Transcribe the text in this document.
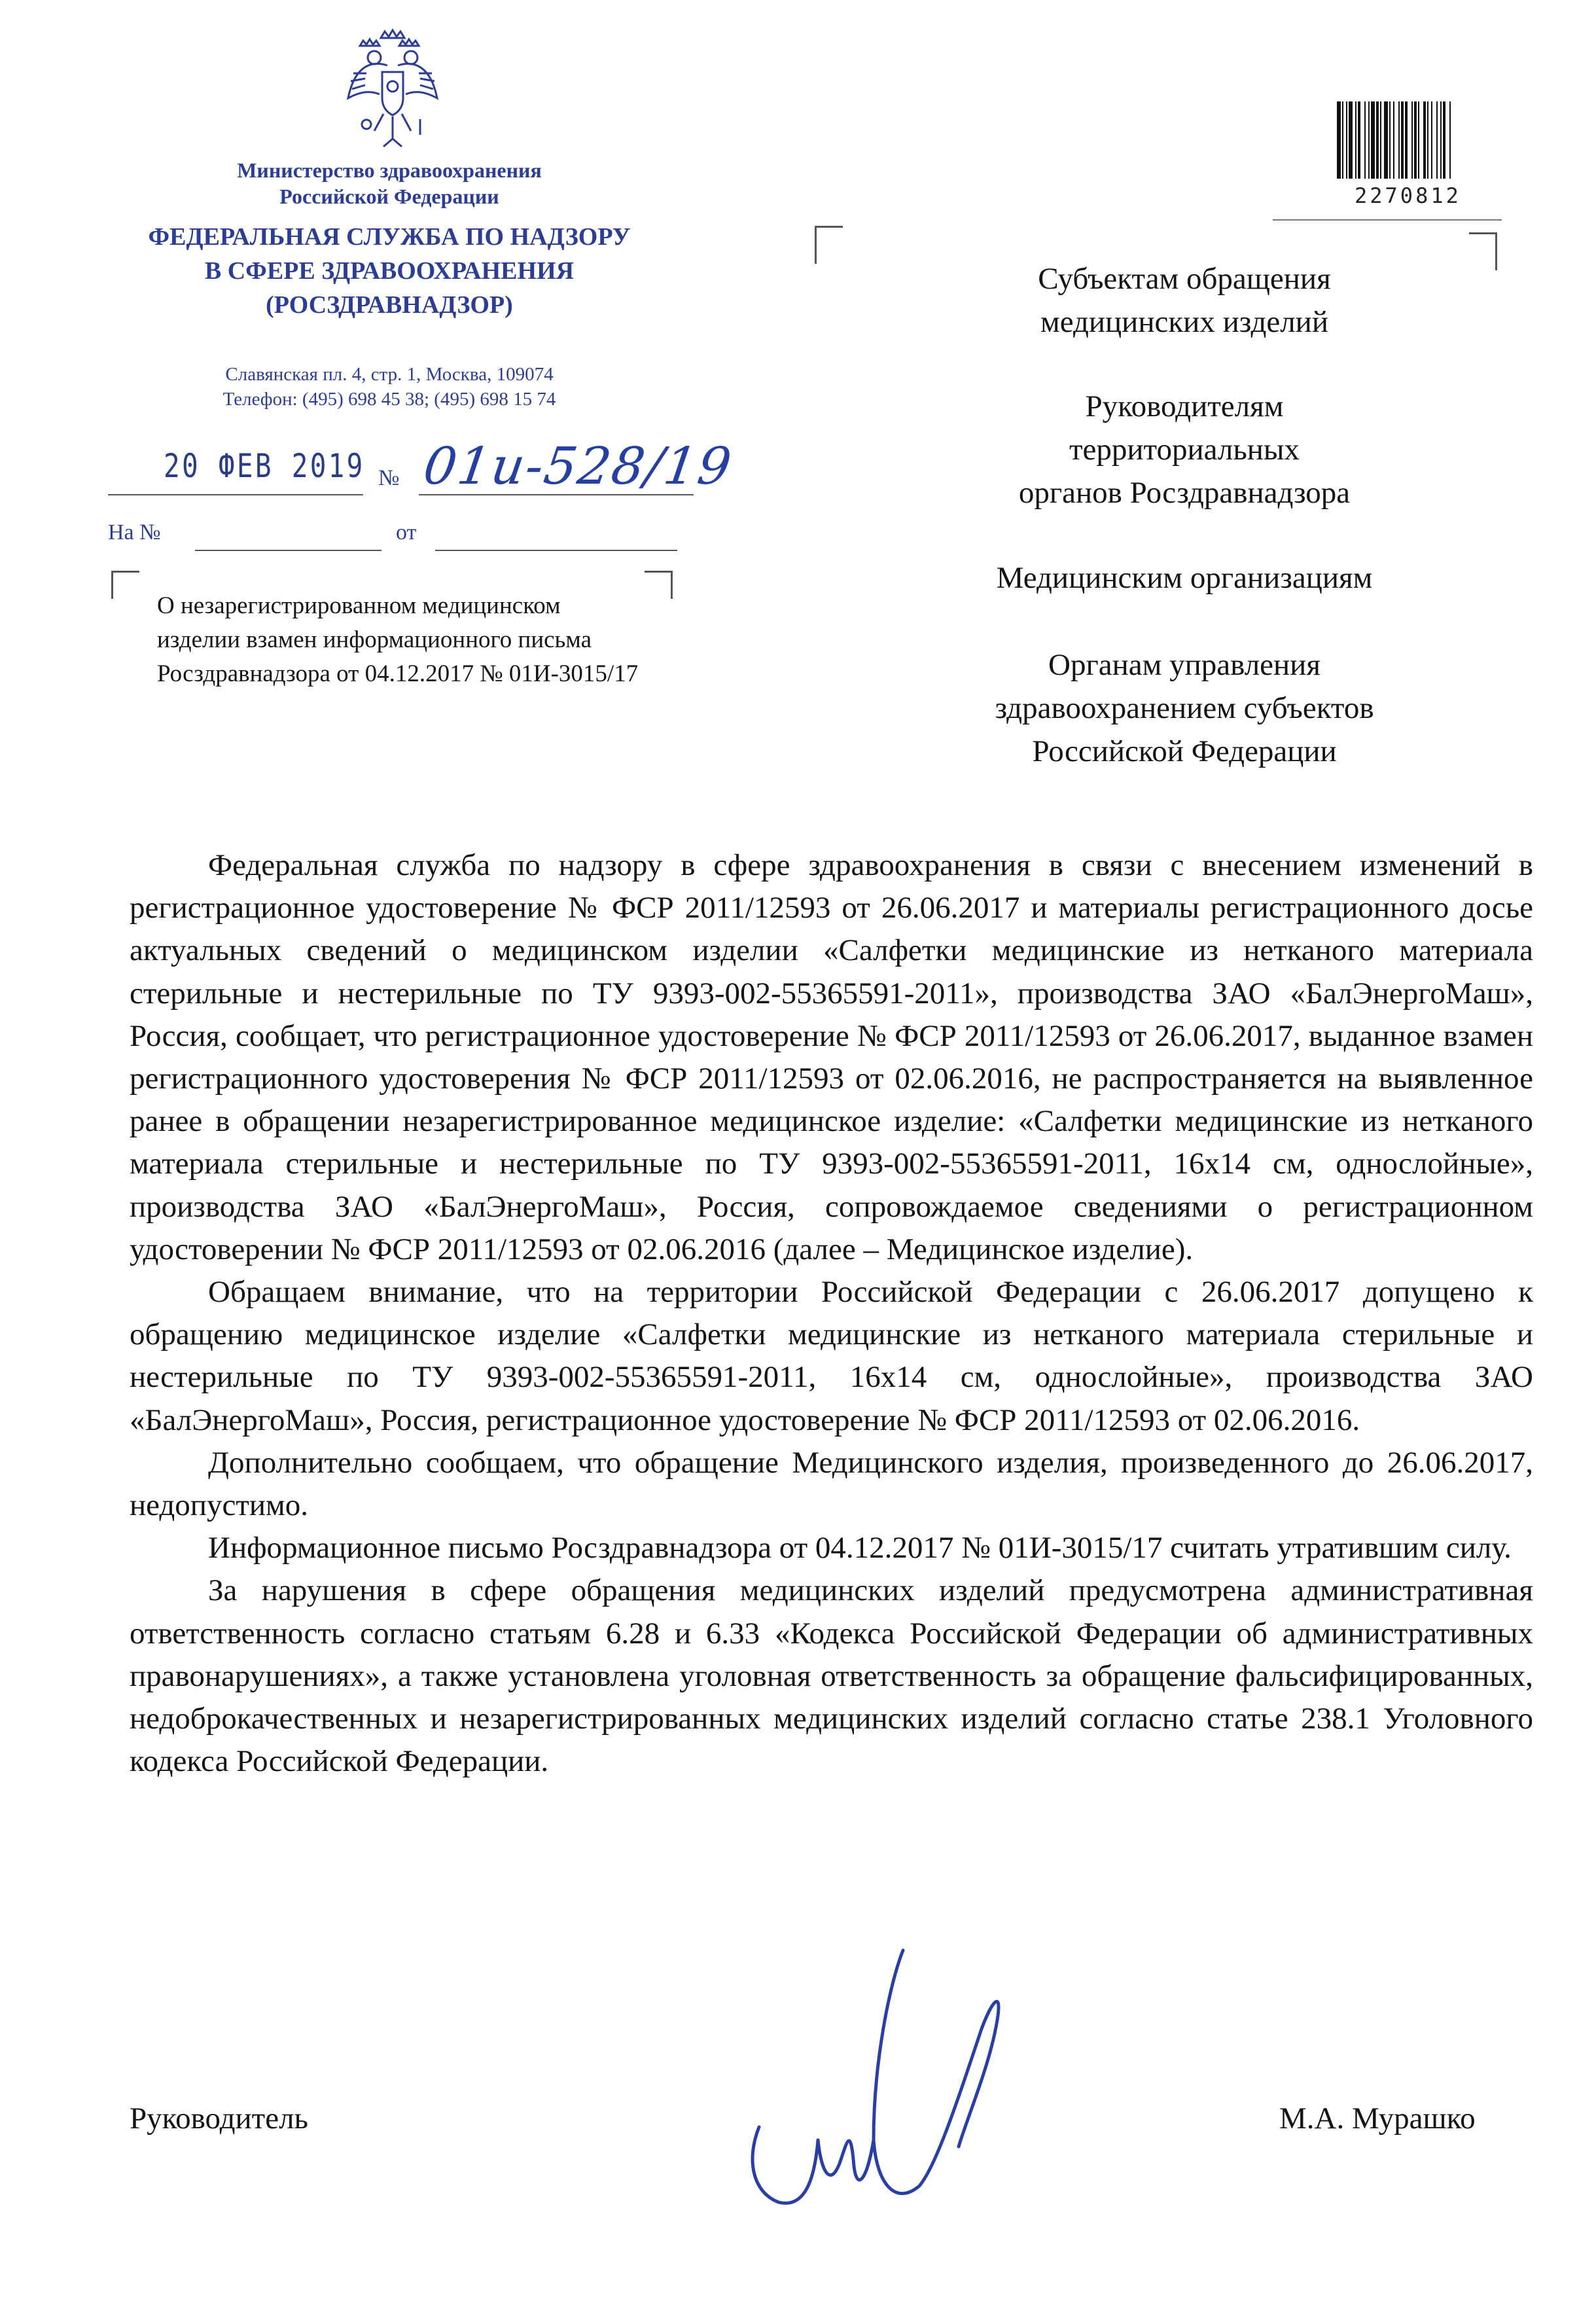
Министерство здравоохранения
Российской Федерации
ФЕДЕРАЛЬНАЯ СЛУЖБА ПО НАДЗОРУ
В СФЕРЕ ЗДРАВООХРАНЕНИЯ
(РОСЗДРАВНАДЗОР)
Славянская пл. 4, стр. 1, Москва, 109074
Телефон: (495) 698 45 38; (495) 698 15 74
20 ФЕВ 2019 № 01и-528/19
На №	от
О незарегистрированном медицинском
изделии взамен информационного письма
Росздравнадзора от 04.12.2017 № 01И-3015/17
2270812
Субъектам обращения
медицинских изделий
Руководителям
территориальных
органов Росздравнадзора
Медицинским организациям
Органам управления
здравоохранением субъектов
Российской Федерации

Федеральная служба по надзору в сфере здравоохранения в связи с внесением изменений в регистрационное удостоверение № ФСР 2011/12593 от 26.06.2017 и материалы регистрационного досье актуальных сведений о медицинском изделии «Салфетки медицинские из нетканого материала стерильные и нестерильные по ТУ 9393-002-55365591-2011», производства ЗАО «БалЭнергоМаш», Россия, сообщает, что регистрационное удостоверение № ФСР 2011/12593 от 26.06.2017, выданное взамен регистрационного удостоверения № ФСР 2011/12593 от 02.06.2016, не распространяется на выявленное ранее в обращении незарегистрированное медицинское изделие: «Салфетки медицинские из нетканого материала стерильные и нестерильные по ТУ 9393-002-55365591-2011, 16x14 см, однослойные», производства ЗАО «БалЭнергоМаш», Россия, сопровождаемое сведениями о регистрационном удостоверении № ФСР 2011/12593 от 02.06.2016 (далее – Медицинское изделие).

Обращаем внимание, что на территории Российской Федерации с 26.06.2017 допущено к обращению медицинское изделие «Салфетки медицинские из нетканого материала стерильные и нестерильные по ТУ 9393-002-55365591-2011, 16x14 см, однослойные», производства ЗАО «БалЭнергоМаш», Россия, регистрационное удостоверение № ФСР 2011/12593 от 02.06.2016.

Дополнительно сообщаем, что обращение Медицинского изделия, произведенного до 26.06.2017, недопустимо.

Информационное письмо Росздравнадзора от 04.12.2017 № 01И-3015/17 считать утратившим силу.

За нарушения в сфере обращения медицинских изделий предусмотрена административная ответственность согласно статьям 6.28 и 6.33 «Кодекса Российской Федерации об административных правонарушениях», а также установлена уголовная ответственность за обращение фальсифицированных, недоброкачественных и незарегистрированных медицинских изделий согласно статье 238.1 Уголовного кодекса Российской Федерации.

Руководитель	М.А. Мурашко
